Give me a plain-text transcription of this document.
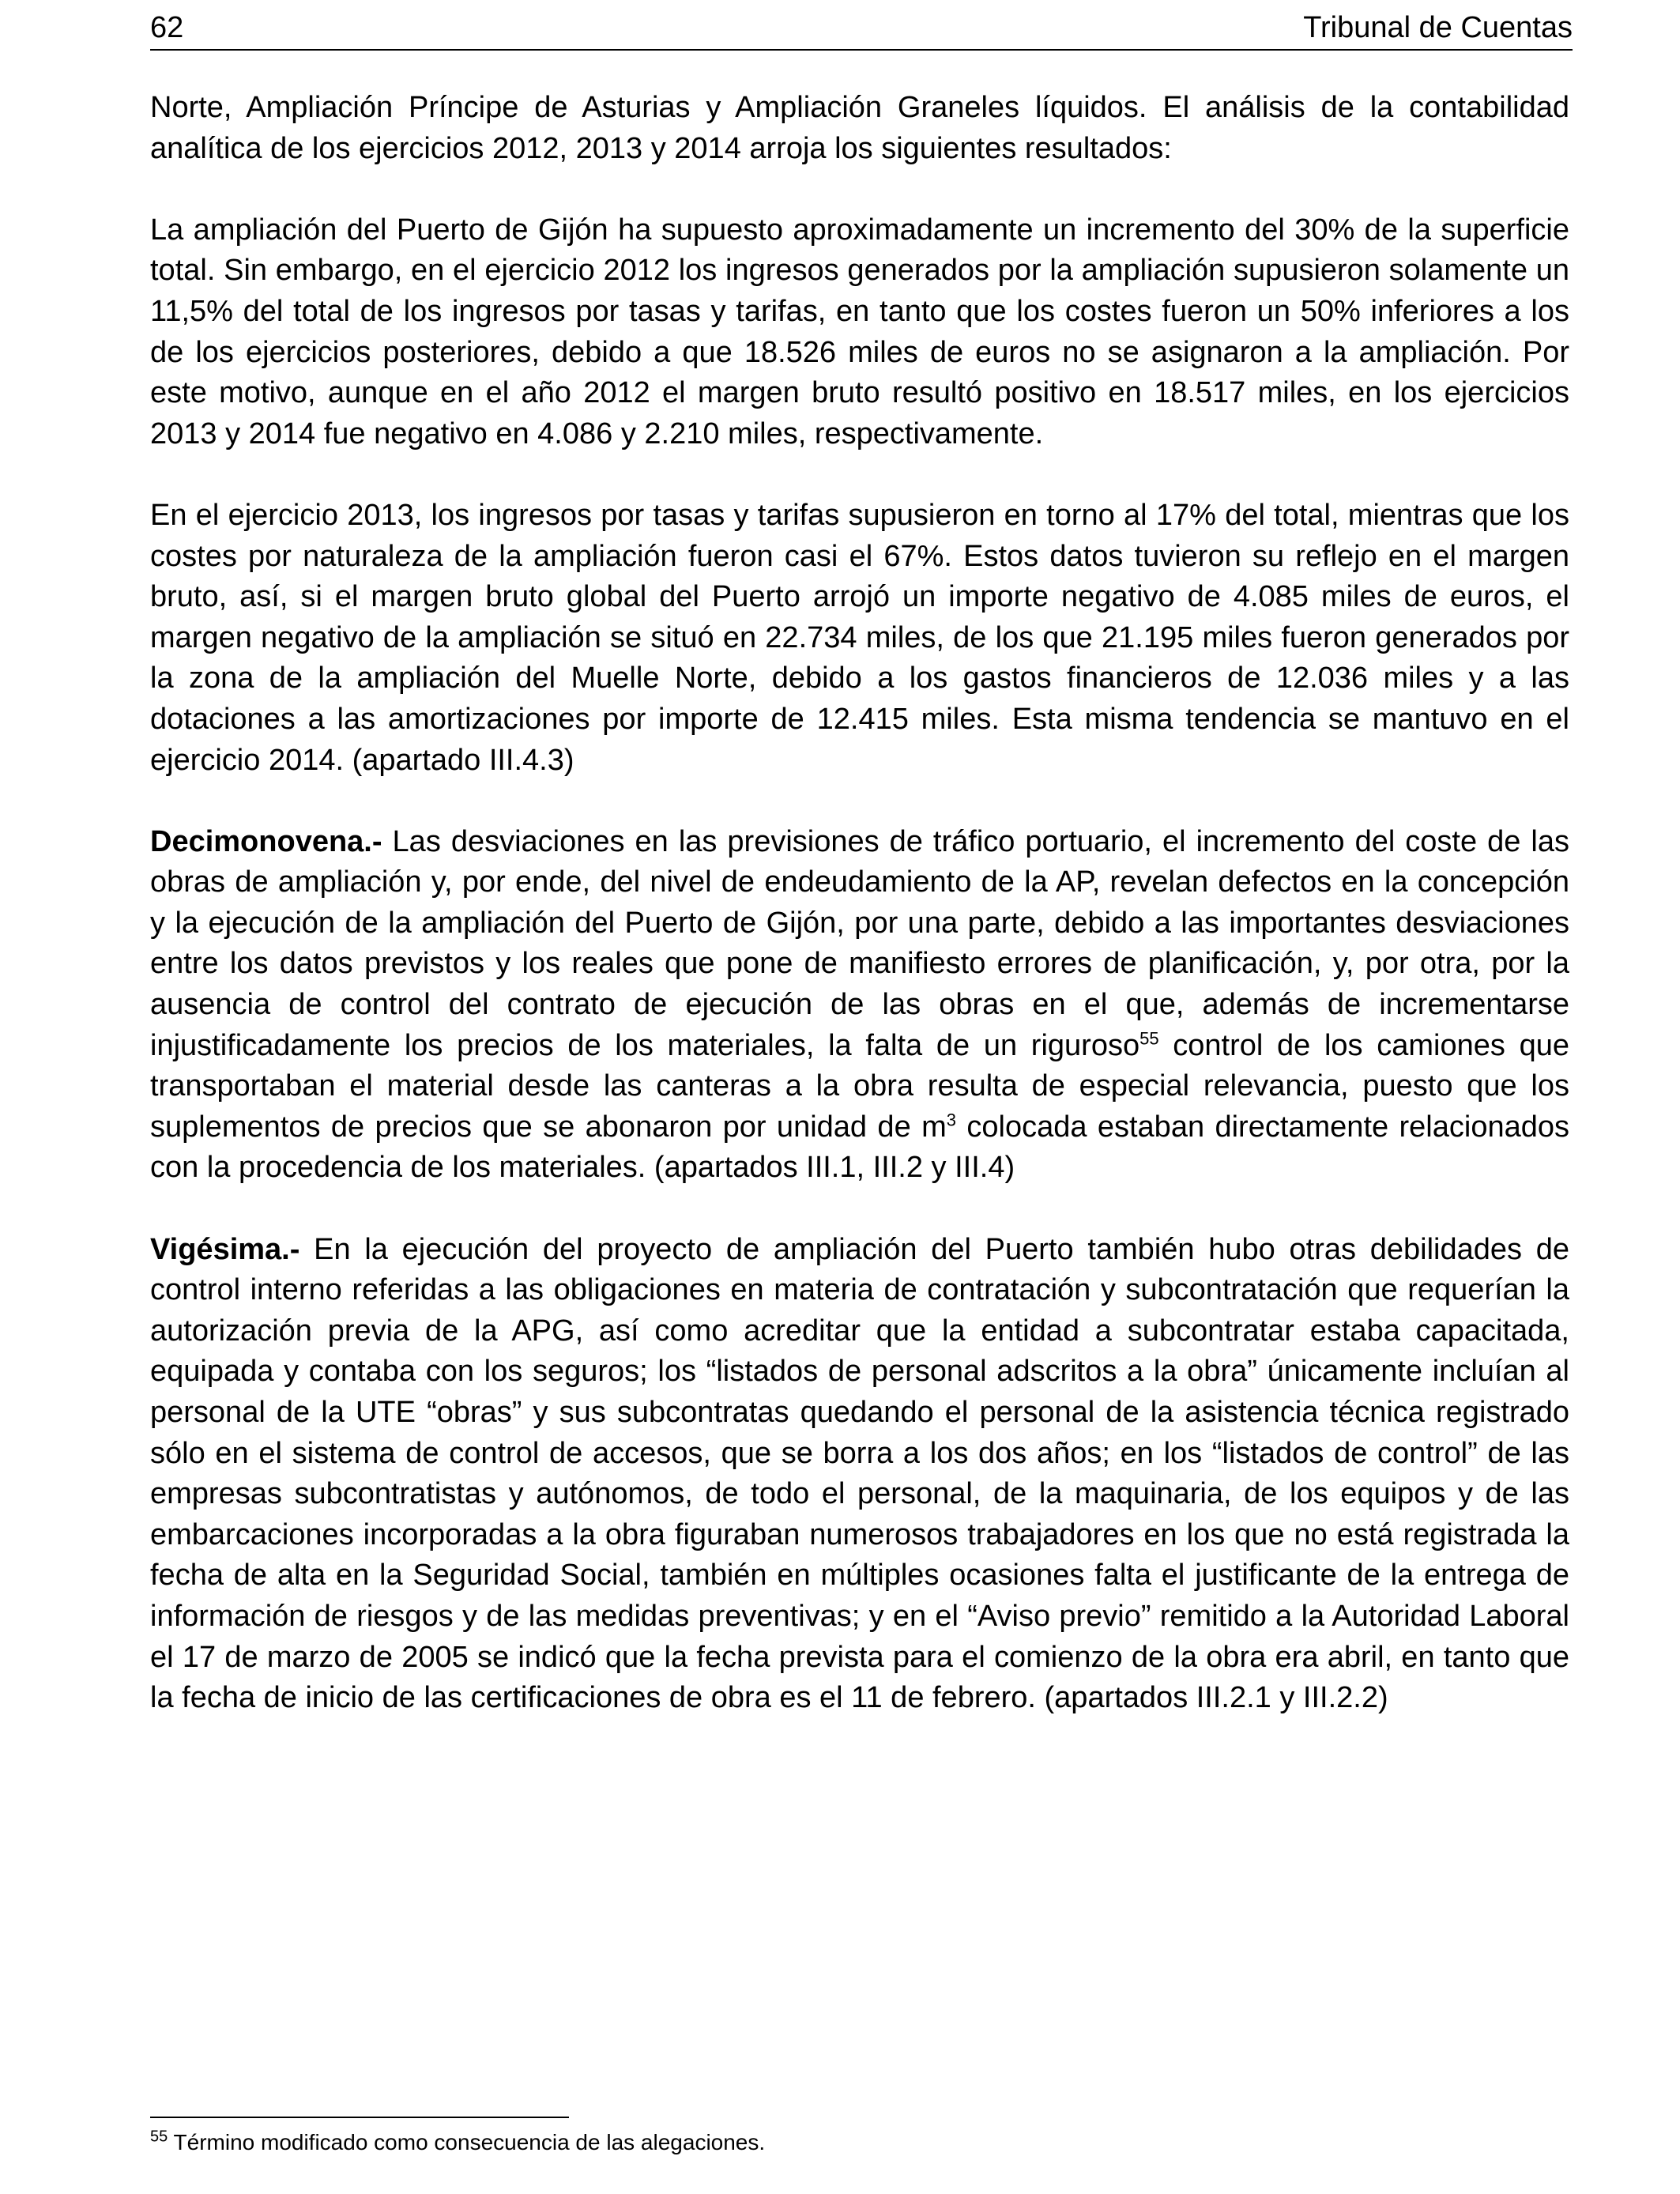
62	Tribunal de Cuentas

Norte, Ampliación Príncipe de Asturias y Ampliación Graneles líquidos. El análisis de la contabilidad analítica de los ejercicios 2012, 2013 y 2014 arroja los siguientes resultados:

La ampliación del Puerto de Gijón ha supuesto aproximadamente un incremento del 30% de la superficie total. Sin embargo, en el ejercicio 2012 los ingresos generados por la ampliación supusieron solamente un 11,5% del total de los ingresos por tasas y tarifas, en tanto que los costes fueron un 50% inferiores a los de los ejercicios posteriores, debido a que 18.526 miles de euros no se asignaron a la ampliación. Por este motivo, aunque en el año 2012 el margen bruto resultó positivo en 18.517 miles, en los ejercicios 2013 y 2014 fue negativo en 4.086 y 2.210 miles, respectivamente.

En el ejercicio 2013, los ingresos por tasas y tarifas supusieron en torno al 17% del total, mientras que los costes por naturaleza de la ampliación fueron casi el 67%. Estos datos tuvieron su reflejo en el margen bruto, así, si el margen bruto global del Puerto arrojó un importe negativo de 4.085 miles de euros, el margen negativo de la ampliación se situó en 22.734 miles, de los que 21.195 miles fueron generados por la zona de la ampliación del Muelle Norte, debido a los gastos financieros de 12.036 miles y a las dotaciones a las amortizaciones por importe de 12.415 miles. Esta misma tendencia se mantuvo en el ejercicio 2014. (apartado III.4.3)

Decimonovena.- Las desviaciones en las previsiones de tráfico portuario, el incremento del coste de las obras de ampliación y, por ende, del nivel de endeudamiento de la AP, revelan defectos en la concepción y la ejecución de la ampliación del Puerto de Gijón, por una parte, debido a las importantes desviaciones entre los datos previstos y los reales que pone de manifiesto errores de planificación, y, por otra, por la ausencia de control del contrato de ejecución de las obras en el que, además de incrementarse injustificadamente los precios de los materiales, la falta de un riguroso$^{55}$ control de los camiones que transportaban el material desde las canteras a la obra resulta de especial relevancia, puesto que los suplementos de precios que se abonaron por unidad de $m^3$ colocada estaban directamente relacionados con la procedencia de los materiales. (apartados III.1, III.2 y III.4)

Vigésima.- En la ejecución del proyecto de ampliación del Puerto también hubo otras debilidades de control interno referidas a las obligaciones en materia de contratación y subcontratación que requerían la autorización previa de la APG, así como acreditar que la entidad a subcontratar estaba capacitada, equipada y contaba con los seguros; los “listados de personal adscritos a la obra” únicamente incluían al personal de la UTE “obras” y sus subcontratas quedando el personal de la asistencia técnica registrado sólo en el sistema de control de accesos, que se borra a los dos años; en los “listados de control” de las empresas subcontratistas y autónomos, de todo el personal, de la maquinaria, de los equipos y de las embarcaciones incorporadas a la obra figuraban numerosos trabajadores en los que no está registrada la fecha de alta en la Seguridad Social, también en múltiples ocasiones falta el justificante de la entrega de información de riesgos y de las medidas preventivas; y en el “Aviso previo” remitido a la Autoridad Laboral el 17 de marzo de 2005 se indicó que la fecha prevista para el comienzo de la obra era abril, en tanto que la fecha de inicio de las certificaciones de obra es el 11 de febrero. (apartados III.2.1 y III.2.2)

$^{55}$ Término modificado como consecuencia de las alegaciones.
